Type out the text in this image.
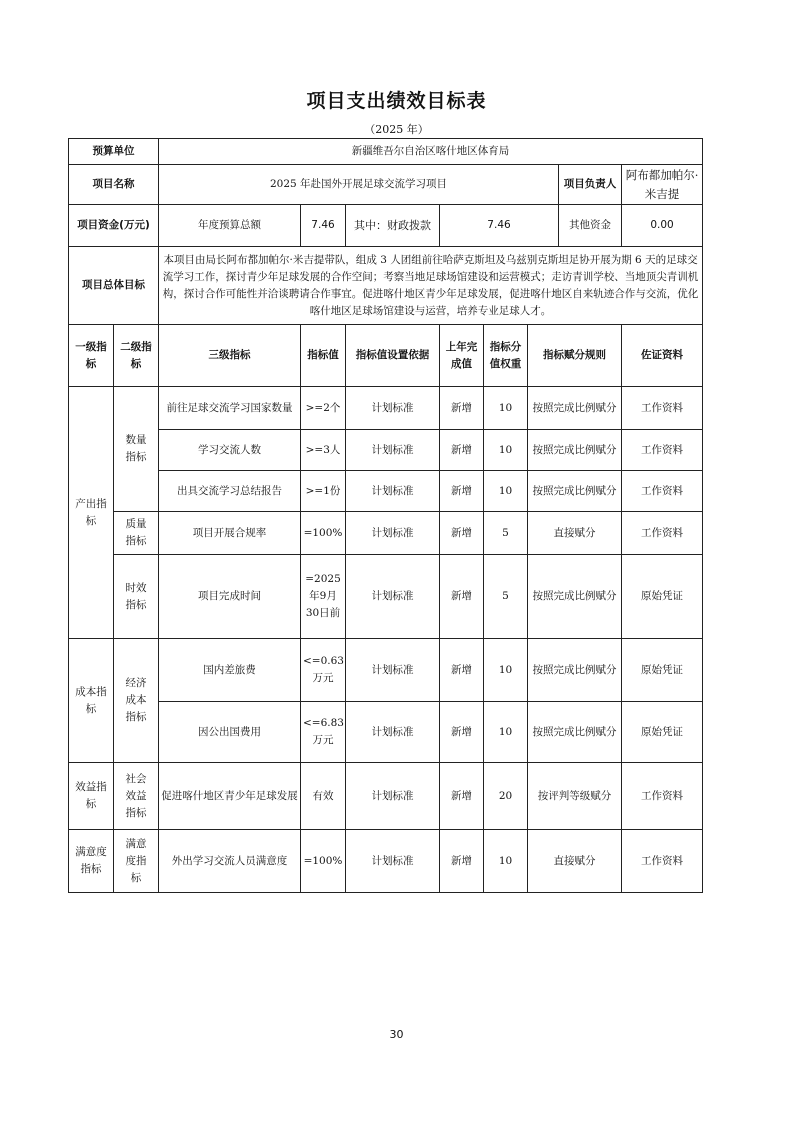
项目支出绩效目标表
（2025 年）
预算单位		新疆维吾尔自治区喀什地区体育局							
项目名称		2025 年赴国外开展足球交流学习项目						项目负责人	阿布都加帕尔·米吉提
项目资金(万元)		年度预算总额	7.46	其中：财政拨款	7.46			其他资金	0.00
项目总体目标		本项目由局长阿布都加帕尔·米吉提带队，组成 3 人团组前往哈萨克斯坦及乌兹别克斯坦足协开展为期 6 天的足球交流学习工作，探讨青少年足球发展的合作空间；考察当地足球场馆建设和运营模式；走访青训学校、当地顶尖青训机构，探讨合作可能性并洽谈聘请合作事宜。促进喀什地区青少年足球发展，促进喀什地区自来轨迹合作与交流，优化喀什地区足球场馆建设与运营，培养专业足球人才。							
一级指标	二级指标	三级指标	指标值	指标值设置依据	上年完成值	指标分值权重	指标赋分规则		佐证资料
产出指标	数量指标	前往足球交流学习国家数量	>=2个	计划标准	新增	10	按照完成比例赋分		工作资料
		学习交流人数	>=3人	计划标准	新增	10	按照完成比例赋分		工作资料
		出具交流学习总结报告	>=1份	计划标准	新增	10	按照完成比例赋分		工作资料
	质量指标	项目开展合规率	=100%	计划标准	新增	5	直接赋分		工作资料
	时效指标	项目完成时间	=2025年9月30日前	计划标准	新增	5	按照完成比例赋分		原始凭证
成本指标	经济成本指标	国内差旅费	<=0.63万元	计划标准	新增	10	按照完成比例赋分		原始凭证
		因公出国费用	<=6.83万元	计划标准	新增	10	按照完成比例赋分		原始凭证
效益指标	社会效益指标	促进喀什地区青少年足球发展	有效	计划标准	新增	20	按评判等级赋分		工作资料
满意度指标	满意度指标	外出学习交流人员满意度	=100%	计划标准	新增	10	直接赋分		工作资料
30
